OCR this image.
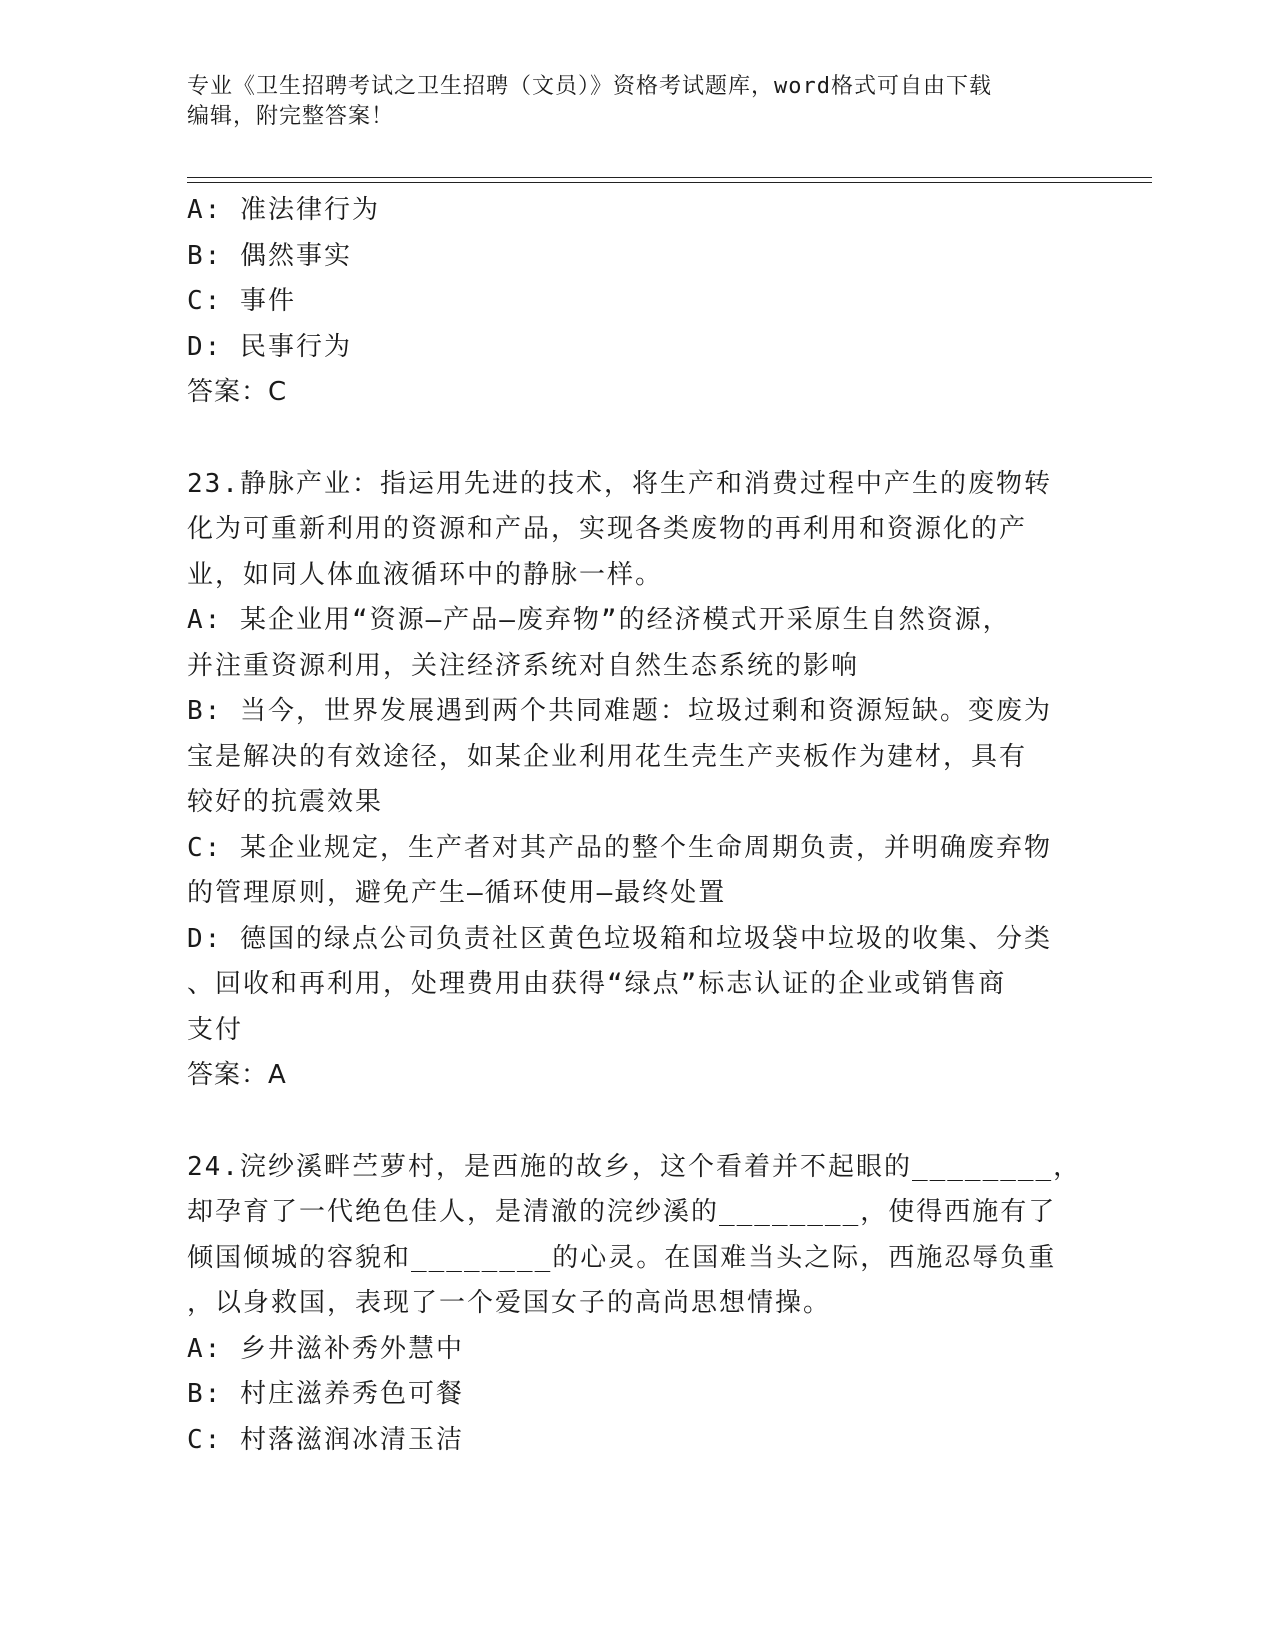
专业《卫生招聘考试之卫生招聘（文员）》资格考试题库，word格式可自由下载
编辑，附完整答案！
A: 准法律行为
B: 偶然事实
C: 事件
D: 民事行为
答案：C
23.静脉产业：指运用先进的技术，将生产和消费过程中产生的废物转
化为可重新利用的资源和产品，实现各类废物的再利用和资源化的产
业，如同人体血液循环中的静脉一样。
A: 某企业用“资源—产品—废弃物”的经济模式开采原生自然资源，
并注重资源利用，关注经济系统对自然生态系统的影响
B: 当今，世界发展遇到两个共同难题：垃圾过剩和资源短缺。变废为
宝是解决的有效途径，如某企业利用花生壳生产夹板作为建材，具有
较好的抗震效果
C: 某企业规定，生产者对其产品的整个生命周期负责，并明确废弃物
的管理原则，避免产生—循环使用—最终处置
D: 德国的绿点公司负责社区黄色垃圾箱和垃圾袋中垃圾的收集、分类
、回收和再利用，处理费用由获得“绿点”标志认证的企业或销售商
支付
答案：A
24.浣纱溪畔苎萝村，是西施的故乡，这个看着并不起眼的________，
却孕育了一代绝色佳人，是清澈的浣纱溪的________，使得西施有了
倾国倾城的容貌和________的心灵。在国难当头之际，西施忍辱负重
，以身救国，表现了一个爱国女子的高尚思想情操。
A: 乡井滋补秀外慧中
B: 村庄滋养秀色可餐
C: 村落滋润冰清玉洁
